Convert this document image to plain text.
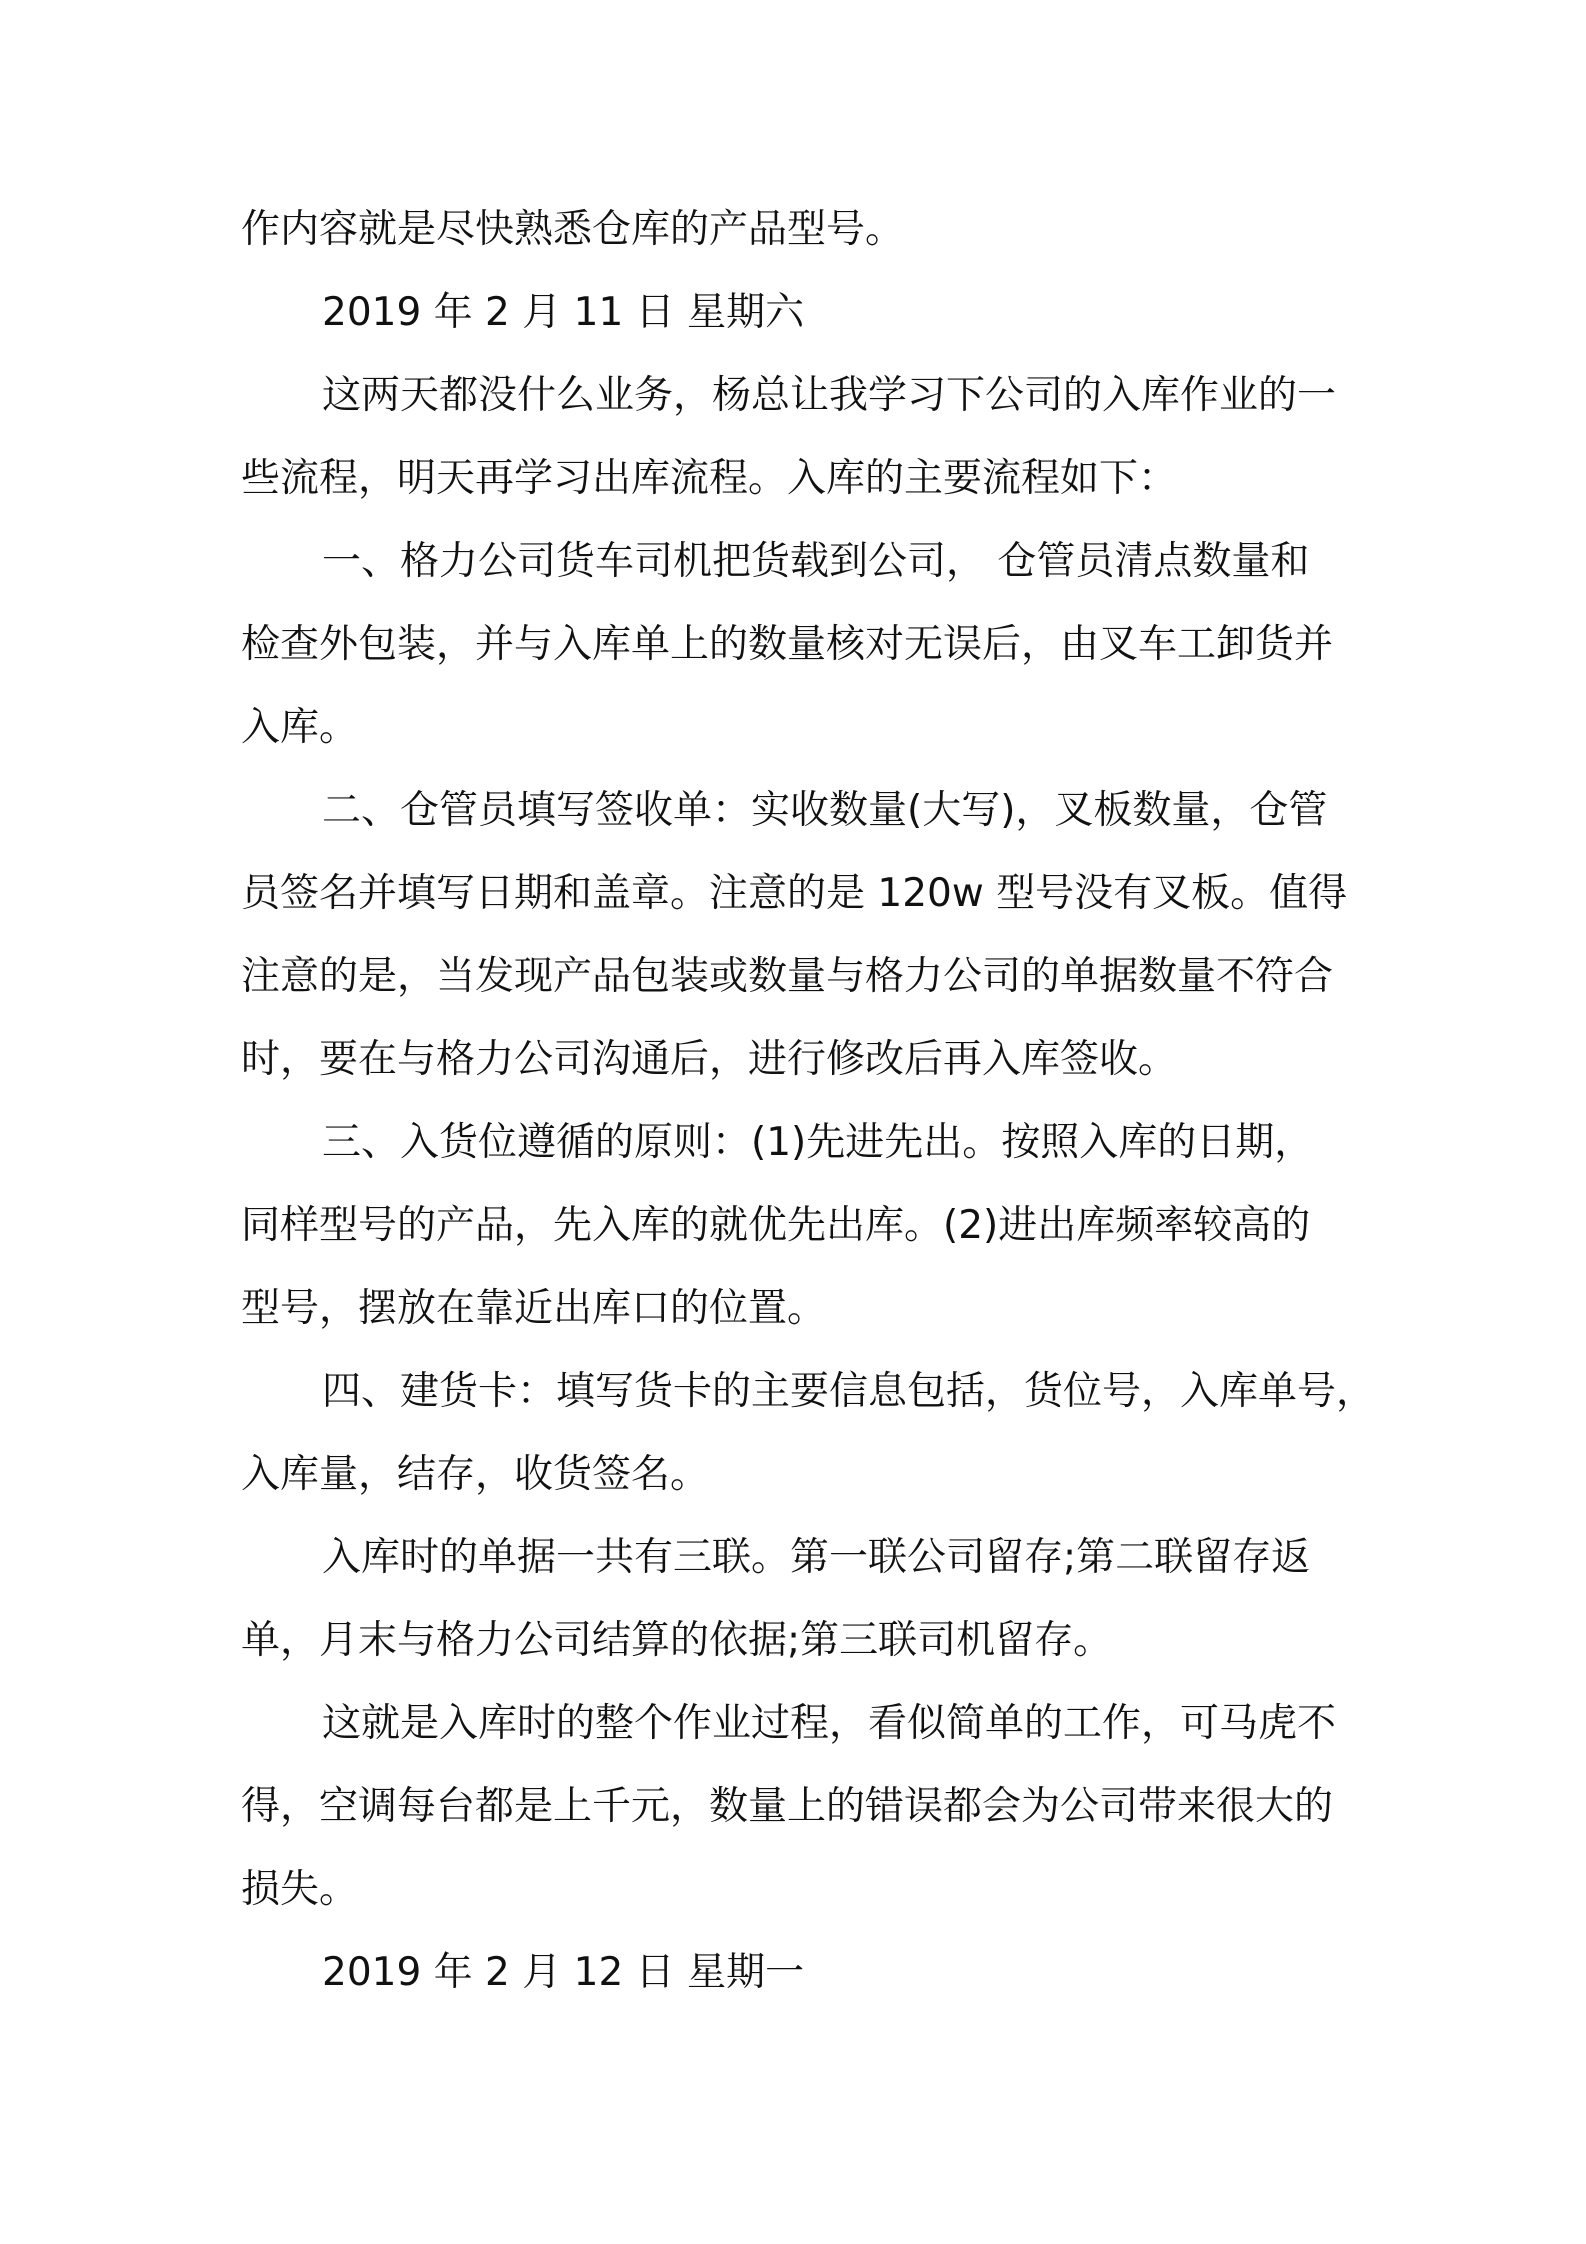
作内容就是尽快熟悉仓库的产品型号。
2019 年 2 月 11 日 星期六
这两天都没什么业务，杨总让我学习下公司的入库作业的一
些流程，明天再学习出库流程。入库的主要流程如下：
一、格力公司货车司机把货载到公司， 仓管员清点数量和
检查外包装，并与入库单上的数量核对无误后，由叉车工卸货并
入库。
二、仓管员填写签收单：实收数量(大写)，叉板数量，仓管
员签名并填写日期和盖章。注意的是 120w 型号没有叉板。值得
注意的是，当发现产品包装或数量与格力公司的单据数量不符合
时，要在与格力公司沟通后，进行修改后再入库签收。
三、入货位遵循的原则：(1)先进先出。按照入库的日期，
同样型号的产品，先入库的就优先出库。(2)进出库频率较高的
型号，摆放在靠近出库口的位置。
四、建货卡：填写货卡的主要信息包括，货位号，入库单号，
入库量，结存，收货签名。
入库时的单据一共有三联。第一联公司留存;第二联留存返
单，月末与格力公司结算的依据;第三联司机留存。
这就是入库时的整个作业过程，看似简单的工作，可马虎不
得，空调每台都是上千元，数量上的错误都会为公司带来很大的
损失。
2019 年 2 月 12 日 星期一
